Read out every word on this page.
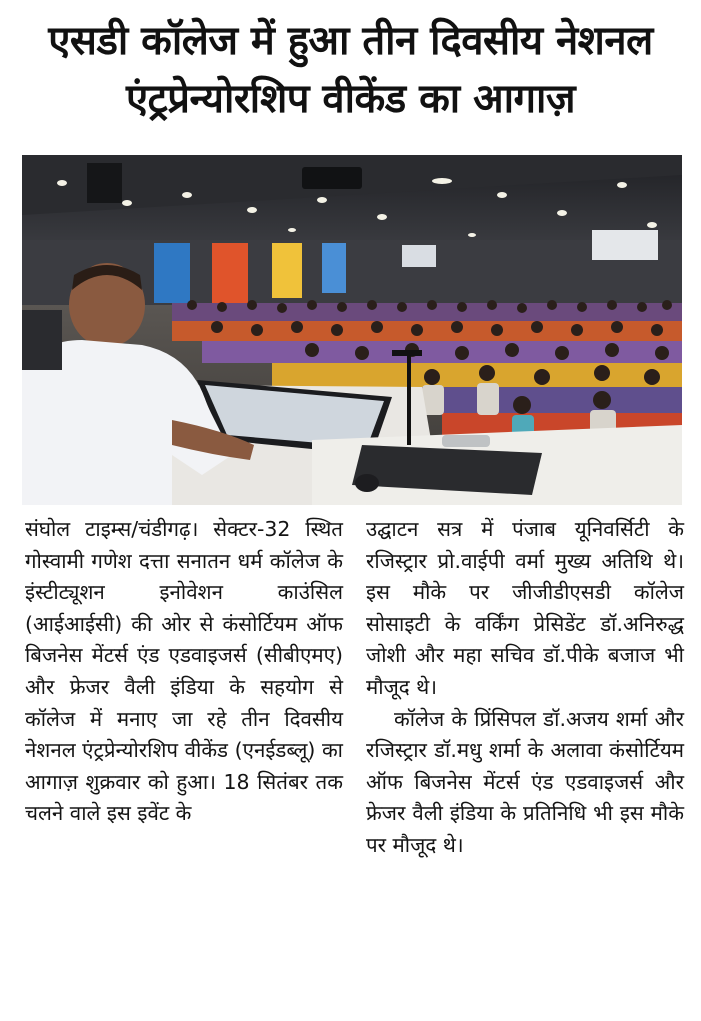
एसडी कॉलेज में हुआ तीन दिवसीय नेशनल
एंट्रप्रेन्योरशिप वीकेंड का आगाज़

संघोल टाइम्स/चंडीगढ़। सेक्टर-32 स्थित गोस्वामी गणेश दत्ता सनातन धर्म कॉलेज के इंस्टीट्यूशन इनोवेशन काउंसिल (आईआईसी) की ओर से कंसोर्टियम ऑफ बिजनेस मेंटर्स एंड एडवाइजर्स (सीबीएमए) और फ्रेजर वैली इंडिया के सहयोग से कॉलेज में मनाए जा रहे तीन दिवसीय नेशनल एंट्रप्रेन्योरशिप वीकेंड (एनईडब्लू) का आगाज़ शुक्रवार को हुआ। 18 सितंबर तक चलने वाले इस इवेंट के

उद्घाटन सत्र में पंजाब यूनिवर्सिटी के रजिस्ट्रार प्रो.वाईपी वर्मा मुख्य अतिथि थे। इस मौके पर जीजीडीएसडी कॉलेज सोसाइटी के वर्किंग प्रेसिडेंट डॉ.अनिरुद्ध जोशी और महा सचिव डॉ.पीके बजाज भी मौजूद थे।

कॉलेज के प्रिंसिपल डॉ.अजय शर्मा और रजिस्ट्रार डॉ.मधु शर्मा के अलावा कंसोर्टियम ऑफ बिजनेस मेंटर्स एंड एडवाइजर्स और फ्रेजर वैली इंडिया के प्रतिनिधि भी इस मौके पर मौजूद थे।
